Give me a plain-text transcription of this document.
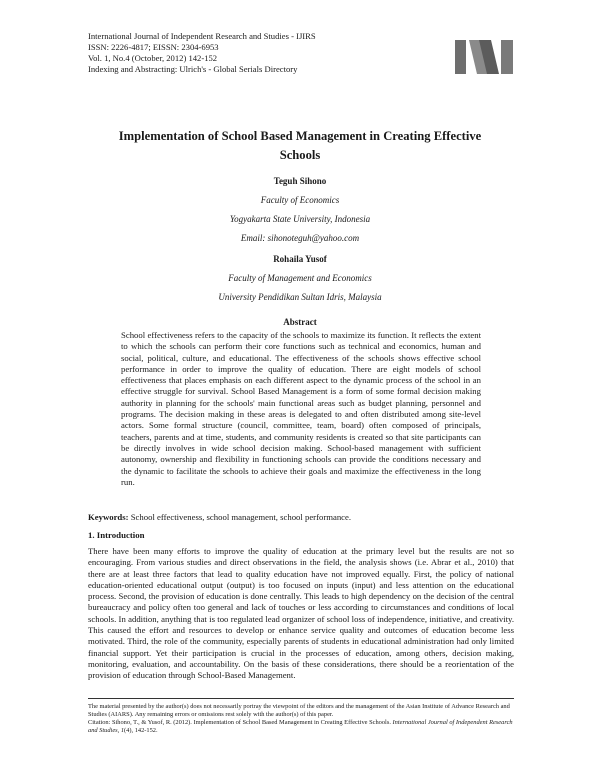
International Journal of Independent Research and Studies - IJIRS
ISSN: 2226-4817; EISSN: 2304-6953
Vol. 1, No.4 (October, 2012) 142-152
Indexing and Abstracting: Ulrich's - Global Serials Directory
Implementation of School Based Management in Creating Effective
Schools
Teguh Sihono
Faculty of Economics
Yogyakarta State University, Indonesia
Email: sihonoteguh@yahoo.com
Rohaila Yusof
Faculty of Management and Economics
University Pendidikan Sultan Idris, Malaysia
Abstract
School effectiveness refers to the capacity of the schools to maximize its function. It reflects the extent to which the schools can perform their core functions such as technical and economics, human and social, political, culture, and educational. The effectiveness of the schools shows effective school performance in order to improve the quality of education. There are eight models of school effectiveness that places emphasis on each different aspect to the dynamic process of the school in an effective struggle for survival. School Based Management is a form of some formal decision making authority in planning for the schools' main functional areas such as budget planning, personnel and programs. The decision making in these areas is delegated to and often distributed among site-level actors. Some formal structure (council, committee, team, board) often composed of principals, teachers, parents and at time, students, and community residents is created so that site participants can be directly involves in wide school decision making. School-based management with sufficient autonomy, ownership and flexibility in functioning schools can provide the conditions necessary and the dynamic to facilitate the schools to achieve their goals and maximize the effectiveness in the long run.
Keywords: School effectiveness, school management, school performance.
1. Introduction
There have been many efforts to improve the quality of education at the primary level but the results are not so encouraging. From various studies and direct observations in the field, the analysis shows (i.e. Abrar et al., 2010) that there are at least three factors that lead to quality education have not improved equally. First, the policy of national education-oriented educational output (output) is too focused on inputs (input) and less attention on the educational process. Second, the provision of education is done centrally. This leads to high dependency on the decision of the central bureaucracy and policy often too general and lack of touches or less according to circumstances and conditions of local schools. In addition, anything that is too regulated lead organizer of school loss of independence, initiative, and creativity. This caused the effort and resources to develop or enhance service quality and outcomes of education become less motivated. Third, the role of the community, especially parents of students in educational administration had only limited financial support. Yet their participation is crucial in the processes of education, among others, decision making, monitoring, evaluation, and accountability. On the basis of these considerations, there should be a reorientation of the provision of education through School-Based Management.
The material presented by the author(s) does not necessarily portray the viewpoint of the editors and the management of the Asian Institute of Advance Research and Studies (AIARS). Any remaining errors or omissions rest solely with the author(s) of this paper.
Citation: Sihono, T., & Yusof, R. (2012). Implementation of School Based Management in Creating Effective Schools. International Journal of Independent Research and Studies, 1(4), 142-152.
